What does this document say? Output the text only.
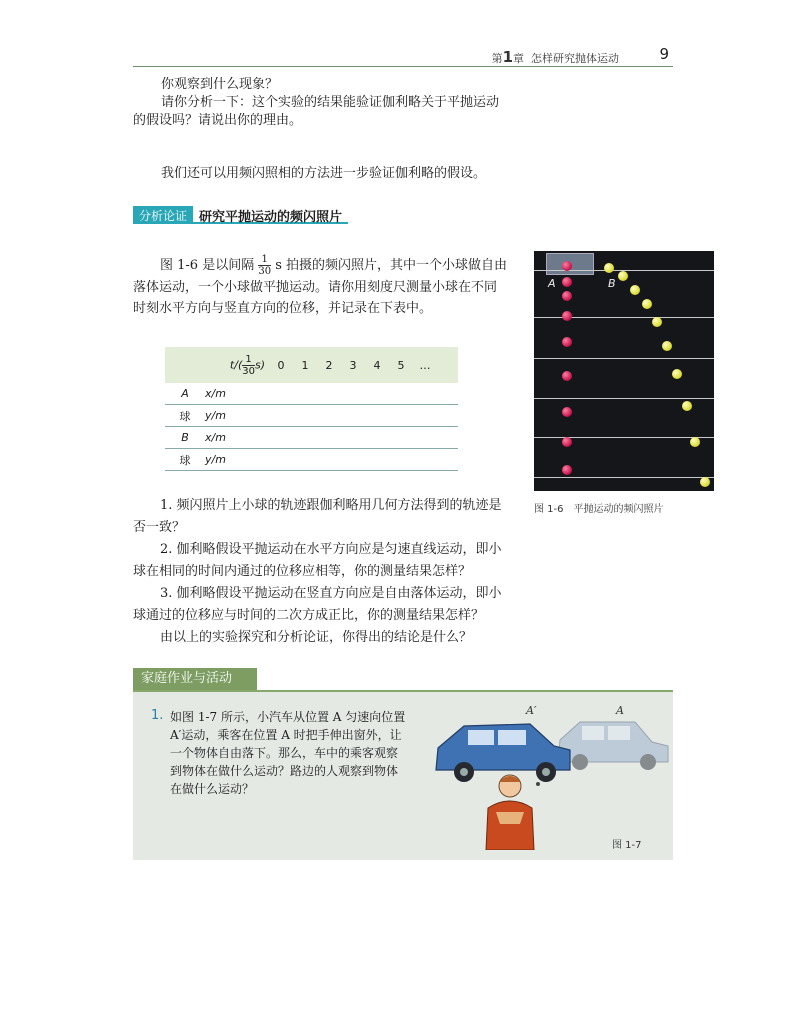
第1章 怎样研究抛体运动	9

你观察到什么现象？

请你分析一下：这个实验的结果能验证伽利略关于平抛运动

的假设吗？请说出你的理由。

我们还可以用频闪照相的方法进一步验证伽利略的假设。

分析论证 研究平抛运动的频闪照片

图 1-6 是以间隔 $\frac{1}{30}$ s 拍摄的频闪照片，其中一个小球做自由

落体运动，一个小球做平抛运动。请你用刻度尺测量小球在不同

时刻水平方向与竖直方向的位移，并记录在下表中。

	$t/( \frac{1}{30}s)$	0 1 2 3 4 5 …
A	x/m	
球	y/m	
B	x/m	
球	y/m	
A	B
图 1-6　平抛运动的频闪照片

1. 频闪照片上小球的轨迹跟伽利略用几何方法得到的轨迹是

否一致？

2. 伽利略假设平抛运动在水平方向应是匀速直线运动，即小

球在相同的时间内通过的位移应相等，你的测量结果怎样？

3. 伽利略假设平抛运动在竖直方向应是自由落体运动，即小

球通过的位移应与时间的二次方成正比，你的测量结果怎样？

由以上的实验探究和分析论证，你得出的结论是什么？

家庭作业与活动
1. 如图 1-7 所示，小汽车从位置 A 匀速向位置

A′运动，乘客在位置 A 时把手伸出窗外，让

一个物体自由落下。那么，车中的乘客观察

到物体在做什么运动？路边的人观察到物体

在做什么运动？

A′	A
图 1-7
